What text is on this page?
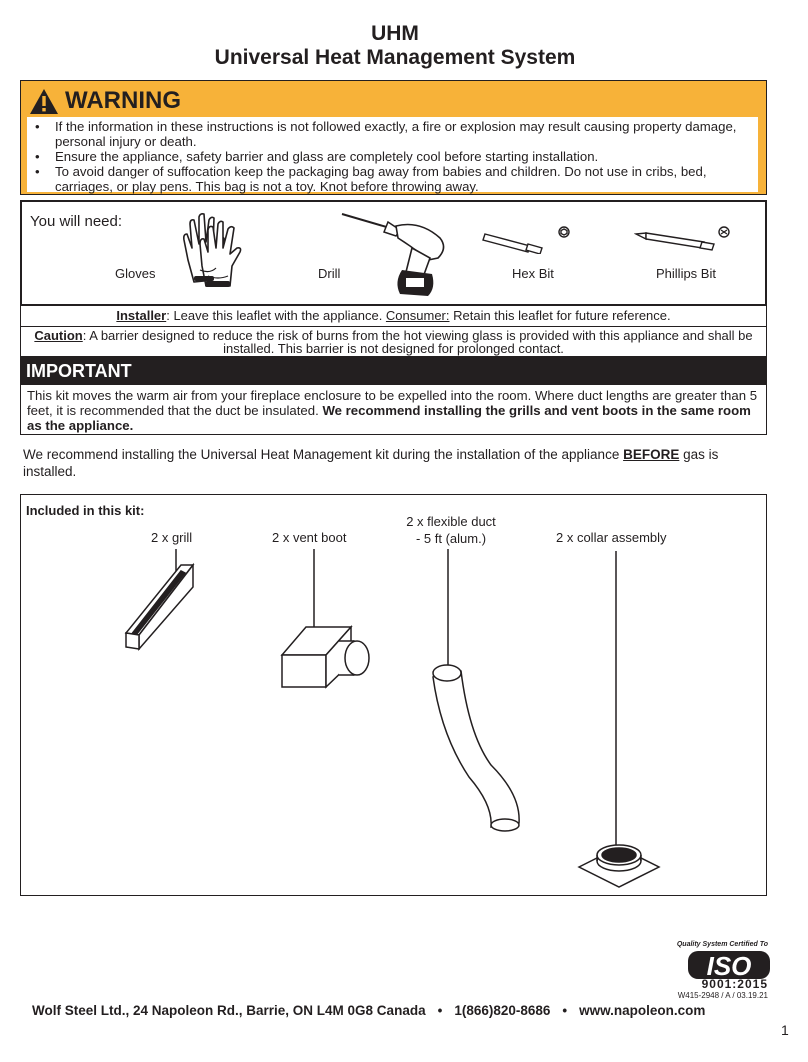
UHM
Universal Heat Management System
WARNING
• If the information in these instructions is not followed exactly, a fire or explosion may result causing property damage, personal injury or death.
• Ensure the appliance, safety barrier and glass are completely cool before starting installation.
• To avoid danger of suffocation keep the packaging bag away from babies and children. Do not use in cribs, bed, carriages, or play pens. This bag is not a toy. Knot before throwing away.
You will need:
Gloves	Drill	Hex Bit	Phillips Bit
Installer: Leave this leaflet with the appliance. Consumer: Retain this leaflet for future reference.
Caution: A barrier designed to reduce the risk of burns from the hot viewing glass is provided with this appliance and shall be installed. This barrier is not designed for prolonged contact.
IMPORTANT
This kit moves the warm air from your fireplace enclosure to be expelled into the room. Where duct lengths are greater than 5 feet, it is recommended that the duct be insulated. We recommend installing the grills and vent boots in the same room as the appliance.
We recommend installing the Universal Heat Management kit during the installation of the appliance BEFORE gas is installed.
Included in this kit:
2 x grill	2 x vent boot
2 x flexible duct
- 5 ft (alum.)	2 x collar assembly
Quality System Certified To
ISO
9001:2015
W415-2948 / A / 03.19.21
Wolf Steel Ltd., 24 Napoleon Rd., Barrie, ON L4M 0G8 Canada • 1(866)820-8686 • www.napoleon.com
1
